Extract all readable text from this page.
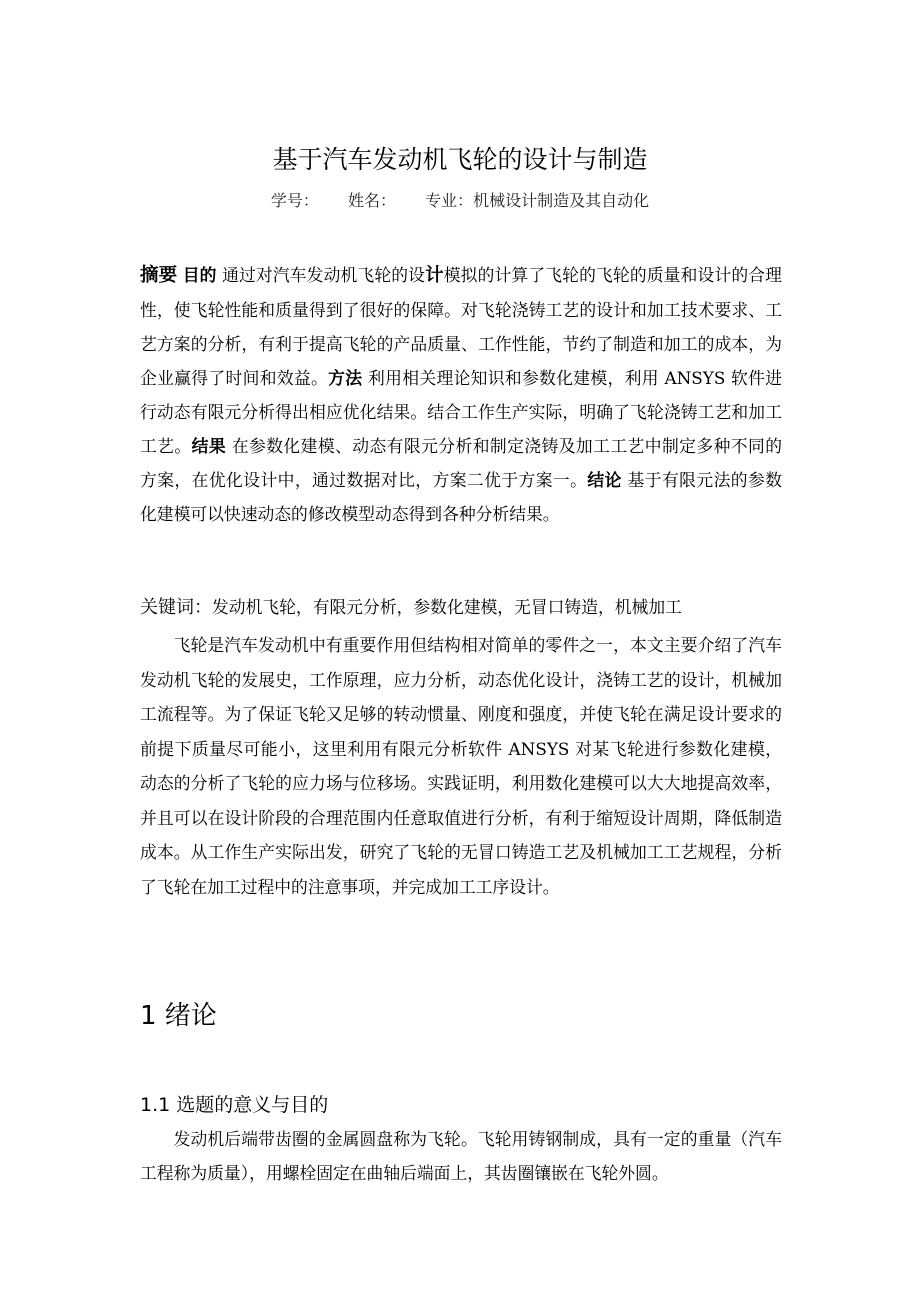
基于汽车发动机飞轮的设计与制造
学号： 姓名： 专业：机械设计制造及其自动化
摘要 目的 通过对汽车发动机飞轮的设计模拟的计算了飞轮的飞轮的质量和设计的合理性，使飞轮性能和质量得到了很好的保障。对飞轮浇铸工艺的设计和加工技术要求、工艺方案的分析，有利于提高飞轮的产品质量、工作性能，节约了制造和加工的成本，为企业赢得了时间和效益。方法 利用相关理论知识和参数化建模，利用 ANSYS 软件进行动态有限元分析得出相应优化结果。结合工作生产实际，明确了飞轮浇铸工艺和加工工艺。结果 在参数化建模、动态有限元分析和制定浇铸及加工工艺中制定多种不同的方案，在优化设计中，通过数据对比，方案二优于方案一。结论 基于有限元法的参数化建模可以快速动态的修改模型动态得到各种分析结果。
关键词：发动机飞轮，有限元分析，参数化建模，无冒口铸造，机械加工

飞轮是汽车发动机中有重要作用但结构相对简单的零件之一，本文主要介绍了汽车发动机飞轮的发展史，工作原理，应力分析，动态优化设计，浇铸工艺的设计，机械加工流程等。为了保证飞轮又足够的转动惯量、刚度和强度，并使飞轮在满足设计要求的前提下质量尽可能小，这里利用有限元分析软件 ANSYS 对某飞轮进行参数化建模，动态的分析了飞轮的应力场与位移场。实践证明，利用数化建模可以大大地提高效率，并且可以在设计阶段的合理范围内任意取值进行分析，有利于缩短设计周期，降低制造成本。从工作生产实际出发，研究了飞轮的无冒口铸造工艺及机械加工工艺规程，分析了飞轮在加工过程中的注意事项，并完成加工工序设计。

1 绪论
1.1 选题的意义与目的

发动机后端带齿圈的金属圆盘称为飞轮。飞轮用铸钢制成，具有一定的重量（汽车工程称为质量），用螺栓固定在曲轴后端面上，其齿圈镶嵌在飞轮外圆。
